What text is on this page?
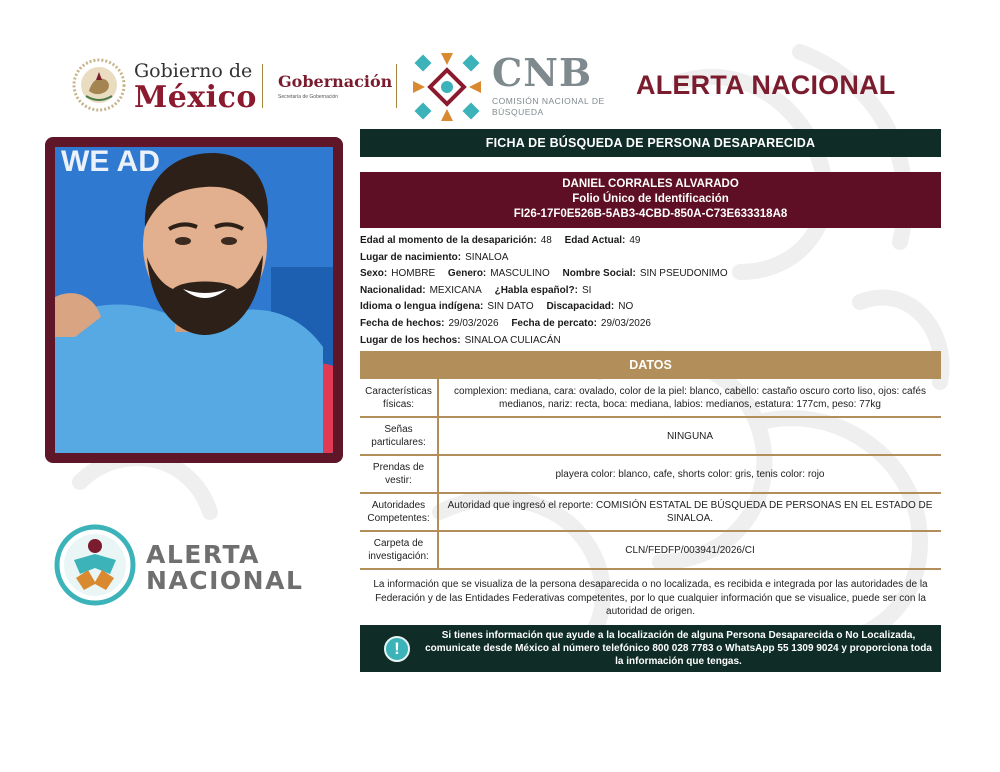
Gobierno de
México Gobernación
Secretaría de Gobernación
CNB
COMISIÓN NACIONAL DE BÚSQUEDA
ALERTA NACIONAL
WE AD
ALERTA
NACIONAL
FICHA DE BÚSQUEDA DE PERSONA DESAPARECIDA
DANIEL CORRALES ALVARADO
Folio Único de Identificación
FI26-17F0E526B-5AB3-4CBD-850A-C73E633318A8
Edad al momento de la desaparición: 48 Edad Actual: 49
Lugar de nacimiento: SINALOA
Sexo: HOMBRE Genero: MASCULINO Nombre Social: SIN PSEUDONIMO
Nacionalidad: MEXICANA ¿Habla español?: SI
Idioma o lengua indígena: SIN DATO Discapacidad: NO
Fecha de hechos: 29/03/2026 Fecha de percato: 29/03/2026
Lugar de los hechos: SINALOA CULIACÁN
DATOS
Características físicas:	complexion: mediana, cara: ovalado, color de la piel: blanco, cabello: castaño oscuro corto liso, ojos: cafés medianos, nariz: recta, boca: mediana, labios: medianos, estatura: 177cm, peso: 77kg
Señas particulares:	NINGUNA
Prendas de vestir:	playera color: blanco, cafe, shorts color: gris, tenis color: rojo
Autoridades Competentes:	Autoridad que ingresó el reporte: COMISIÓN ESTATAL DE BÚSQUEDA DE PERSONAS EN EL ESTADO DE SINALOA.
Carpeta de investigación:	CLN/FEDFP/003941/2026/CI
La información que se visualiza de la persona desaparecida o no localizada, es recibida e integrada por las autoridades de la Federación y de las Entidades Federativas competentes, por lo que cualquier información que se visualice, puede ser con la autoridad de origen.
!
Si tienes información que ayude a la localización de alguna Persona Desaparecida o No Localizada, comunicate desde México al número telefónico 800 028 7783 o WhatsApp 55 1309 9024 y proporciona toda la información que tengas.
